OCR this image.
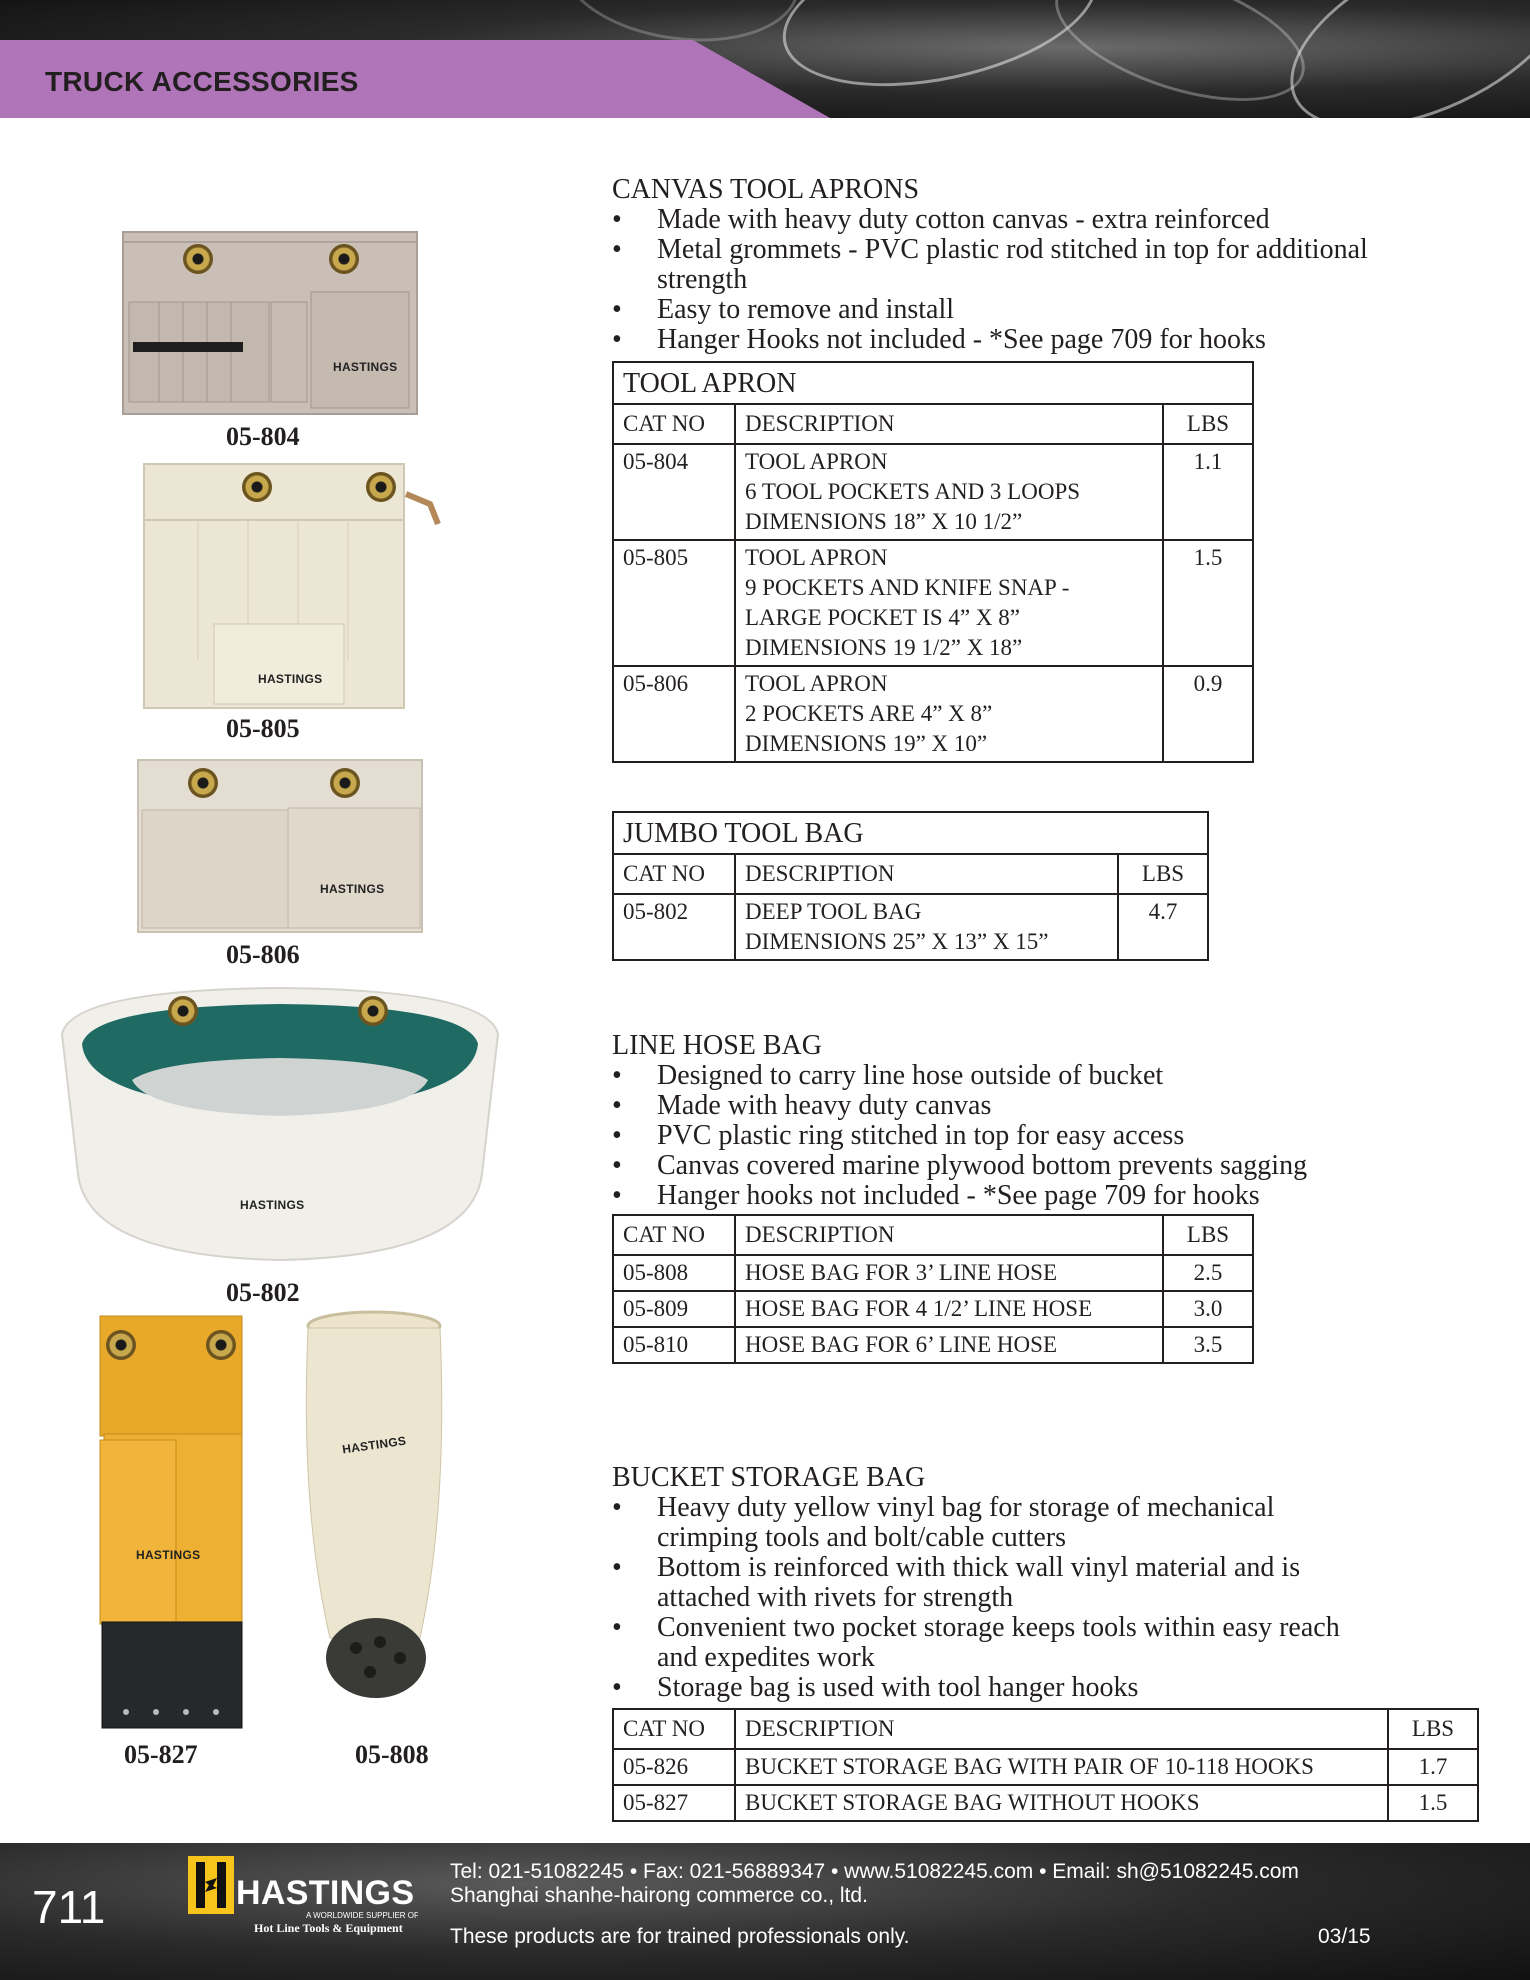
TRUCK ACCESSORIES
HASTINGS
05-804
HASTINGS
05-805
HASTINGS
05-806
HASTINGS
05-802
HASTINGS
05-827
HASTINGS
05-808
CANVAS TOOL APRONS
• Made with heavy duty cotton canvas - extra reinforced
• Metal grommets - PVC plastic rod stitched in top for additional strength
• Easy to remove and install
• Hanger Hooks not included - *See page 709 for hooks
TOOL APRON		
CAT NO	DESCRIPTION	LBS
05-804	TOOL APRON
6 TOOL POCKETS AND 3 LOOPS
DIMENSIONS 18” X 10 1/2”	1.1
05-805	TOOL APRON
9 POCKETS AND KNIFE SNAP -
LARGE POCKET IS 4” X 8”
DIMENSIONS 19 1/2” X 18”	1.5
05-806	TOOL APRON
2 POCKETS ARE 4” X 8”
DIMENSIONS 19” X 10”	0.9
JUMBO TOOL BAG		
CAT NO	DESCRIPTION	LBS
05-802	DEEP TOOL BAG
DIMENSIONS 25” X 13” X 15”	4.7
LINE HOSE BAG
• Designed to carry line hose outside of bucket
• Made with heavy duty canvas
• PVC plastic ring stitched in top for easy access
• Canvas covered marine plywood bottom prevents sagging
• Hanger hooks not included - *See page 709 for hooks
CAT NO	DESCRIPTION	LBS
05-808	HOSE BAG FOR 3’ LINE HOSE	2.5
05-809	HOSE BAG FOR 4 1/2’ LINE HOSE	3.0
05-810	HOSE BAG FOR 6’ LINE HOSE	3.5
BUCKET STORAGE BAG
• Heavy duty yellow vinyl bag for storage of mechanical crimping tools and bolt/cable cutters
• Bottom is reinforced with thick wall vinyl material and is attached with rivets for strength
• Convenient two pocket storage keeps tools within easy reach and expedites work
• Storage bag is used with tool hanger hooks
CAT NO	DESCRIPTION	LBS
05-826	BUCKET STORAGE BAG WITH PAIR OF 10-118 HOOKS	1.7
05-827	BUCKET STORAGE BAG WITHOUT HOOKS	1.5
711	HASTINGS
A WORLDWIDE SUPPLIER OF
Hot Line Tools & Equipment
Tel: 021-51082245 • Fax: 021-56889347 • www.51082245.com • Email: sh@51082245.com
Shanghai shanhe-hairong commerce co., ltd.
These products are for trained professionals only.	03/15
